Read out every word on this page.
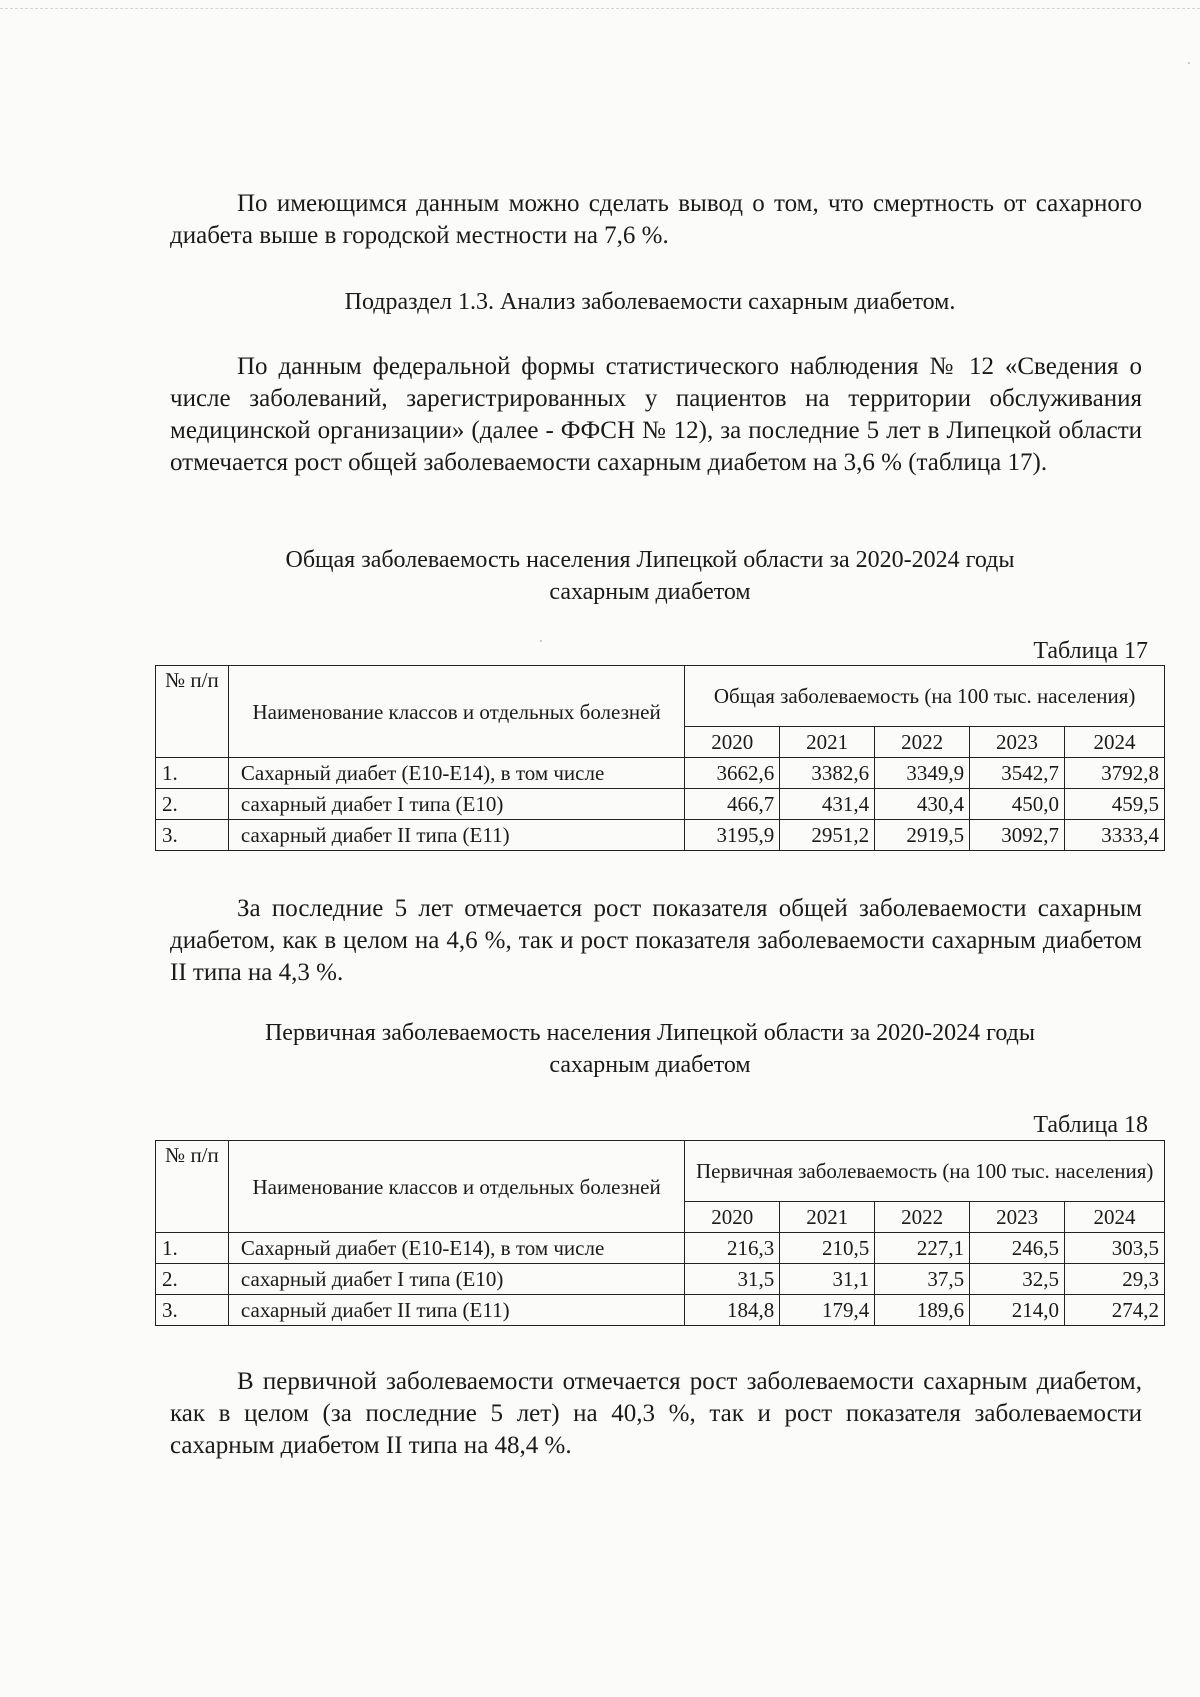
По имеющимся данным можно сделать вывод о том, что смертность от сахарного диабета выше в городской местности на 7,6 %.

Подраздел 1.3. Анализ заболеваемости сахарным диабетом.

По данным федеральной формы статистического наблюдения № 12 «Сведения о числе заболеваний, зарегистрированных у пациентов на территории обслуживания медицинской организации» (далее - ФФСН № 12), за последние 5 лет в Липецкой области отмечается рост общей заболеваемости сахарным диабетом на 3,6 % (таблица 17).

Общая заболеваемость населения Липецкой области за 2020-2024 годы
сахарным диабетом

Таблица 17
№ п/п	Наименование классов и отдельных болезней	Общая заболеваемость (на 100 тыс. населения)				
		2020	2021	2022	2023	2024
1.	Сахарный диабет (Е10-Е14), в том числе	3662,6	3382,6	3349,9	3542,7	3792,8
2.	сахарный диабет I типа (Е10)	466,7	431,4	430,4	450,0	459,5
3.	сахарный диабет II типа (Е11)	3195,9	2951,2	2919,5	3092,7	3333,4

За последние 5 лет отмечается рост показателя общей заболеваемости сахарным диабетом, как в целом на 4,6 %, так и рост показателя заболеваемости сахарным диабетом II типа на 4,3 %.

Первичная заболеваемость населения Липецкой области за 2020-2024 годы
сахарным диабетом

Таблица 18
№ п/п	Наименование классов и отдельных болезней	Первичная заболеваемость (на 100 тыс. населения)				
		2020	2021	2022	2023	2024
1.	Сахарный диабет (Е10-Е14), в том числе	216,3	210,5	227,1	246,5	303,5
2.	сахарный диабет I типа (Е10)	31,5	31,1	37,5	32,5	29,3
3.	сахарный диабет II типа (Е11)	184,8	179,4	189,6	214,0	274,2

В первичной заболеваемости отмечается рост заболеваемости сахарным диабетом, как в целом (за последние 5 лет) на 40,3 %, так и рост показателя заболеваемости сахарным диабетом II типа на 48,4 %.
